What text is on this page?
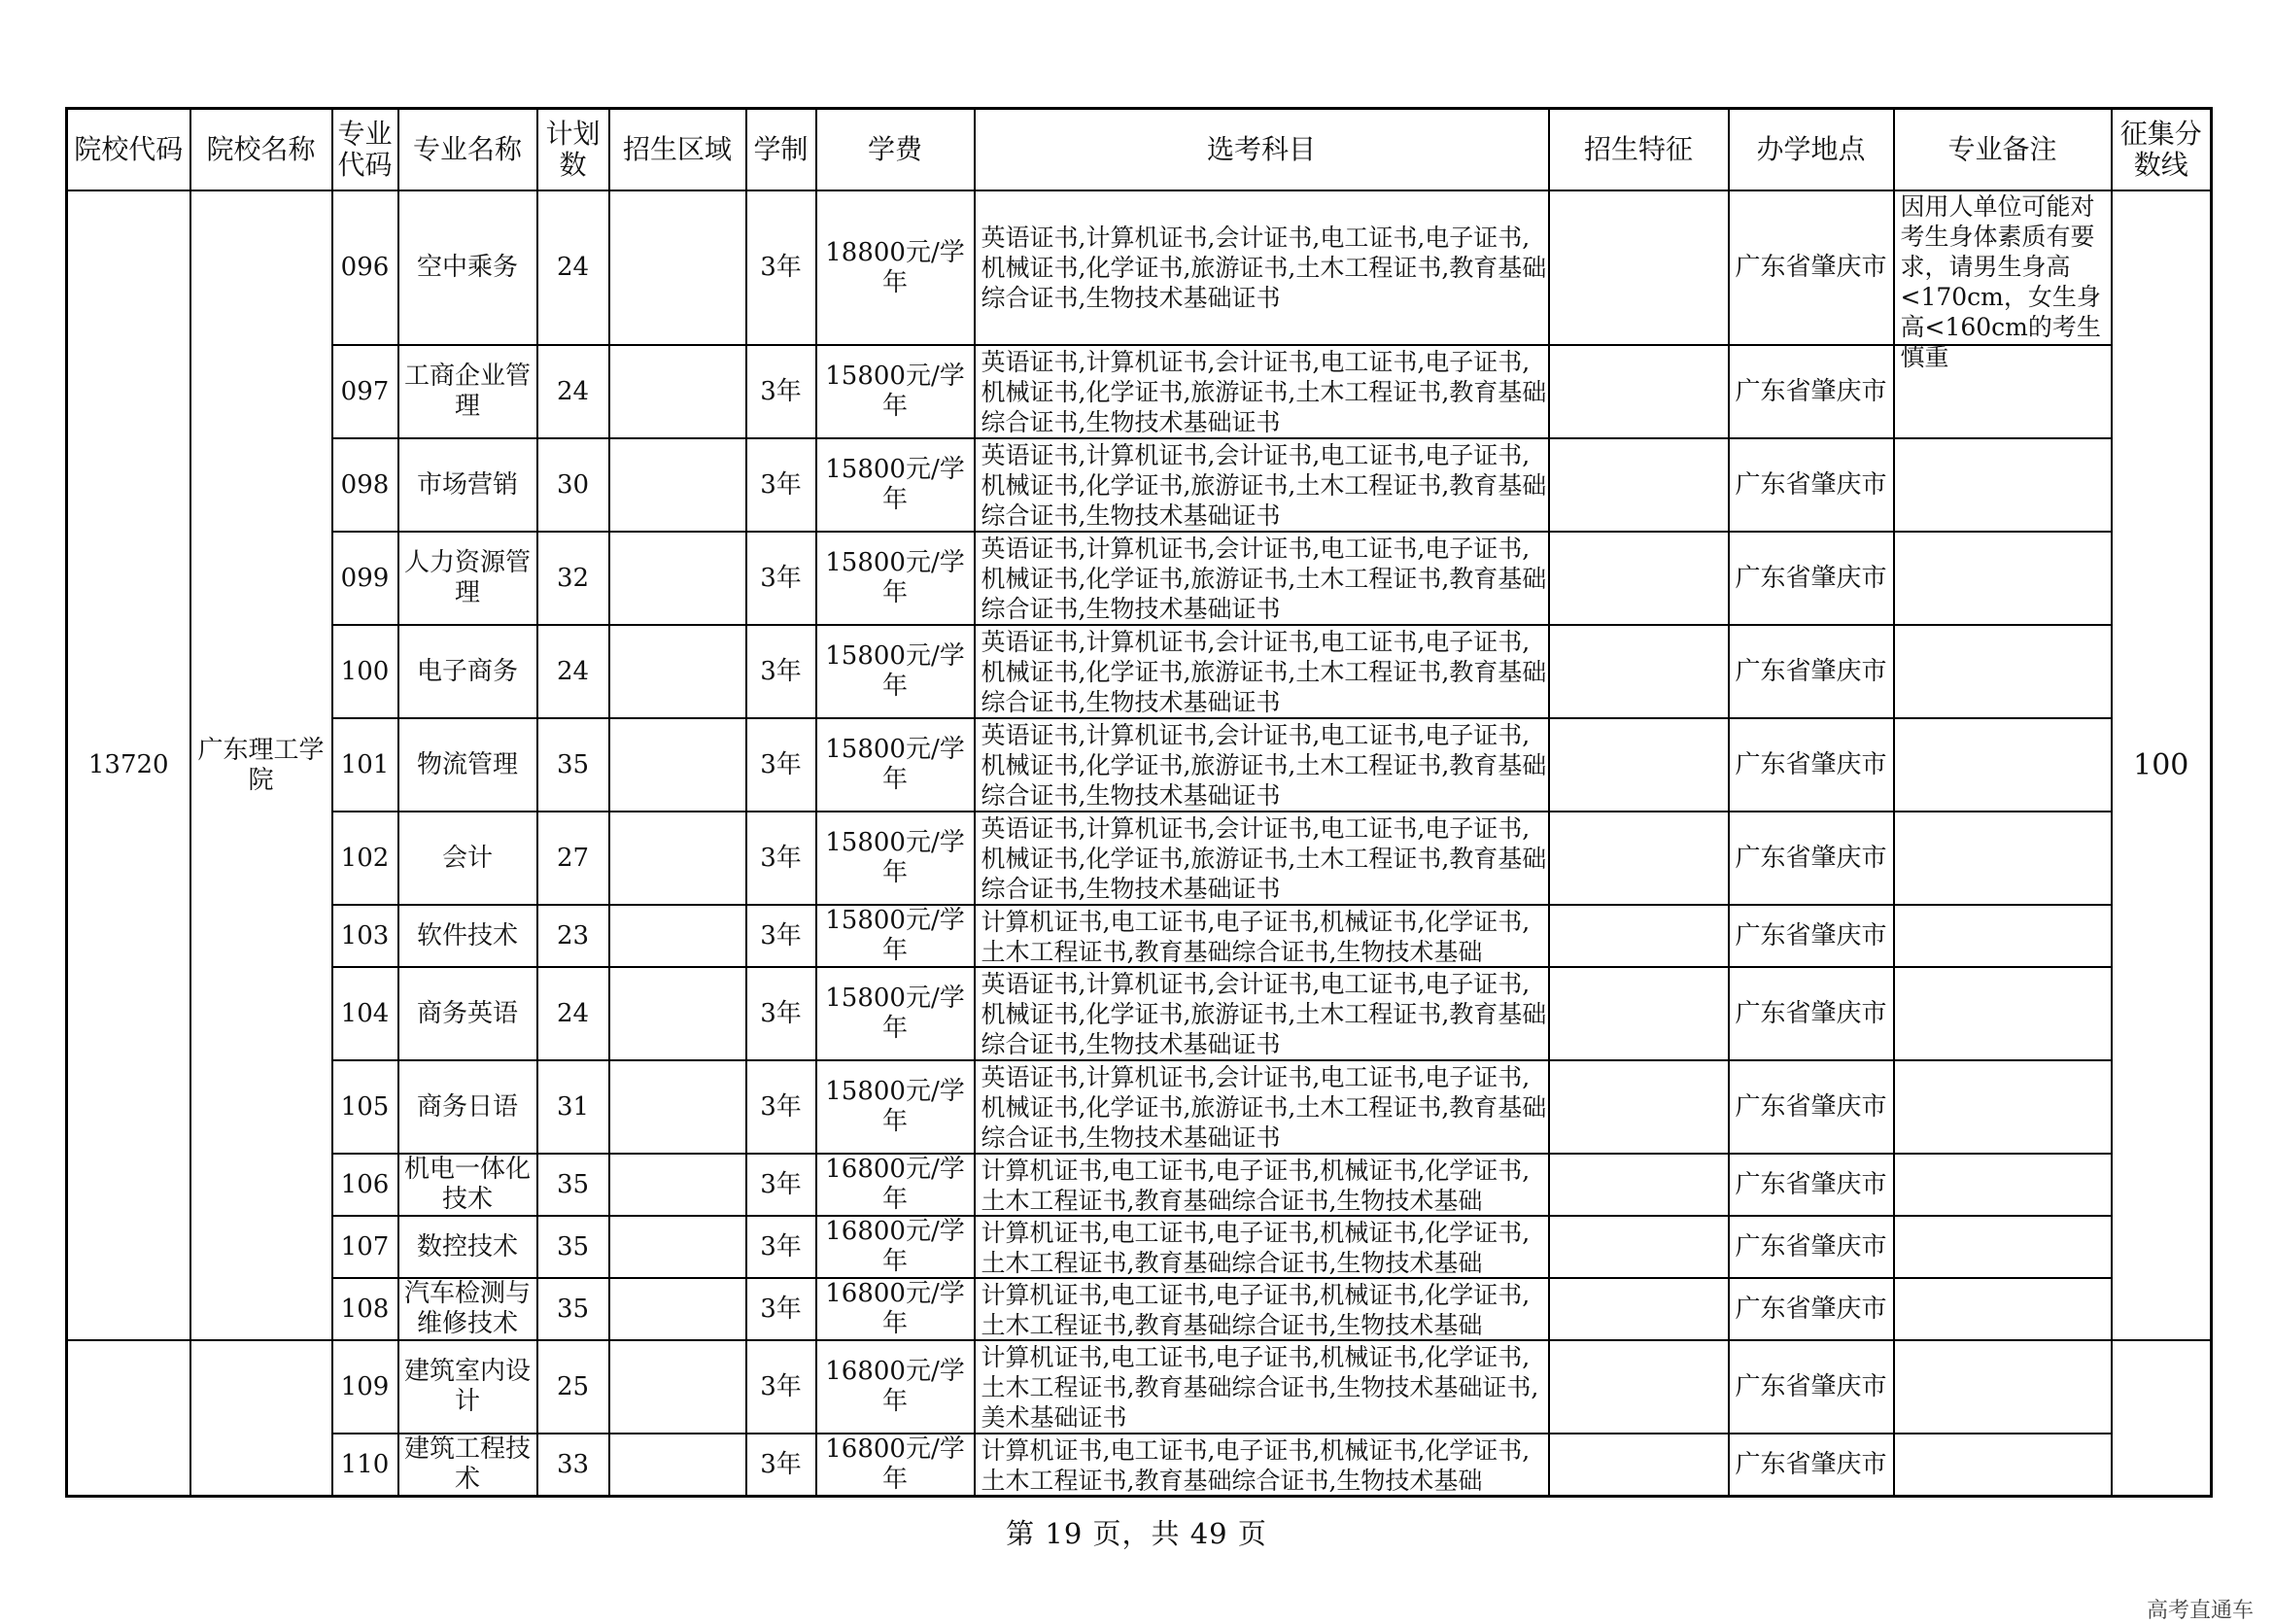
院校代码	院校名称	专业代码	专业名称	计划数	招生区域	学制	学费	选考科目	招生特征	办学地点	专业备注	征集分数线
13720	广东理工学院	096	空中乘务	24		3年	18800元/学年	英语证书,计算机证书,会计证书,电工证书,电子证书,机械证书,化学证书,旅游证书,土木工程证书,教育基础综合证书,生物技术基础证书		广东省肇庆市	因用人单位可能对考生身体素质有要求，请男生身高<170cm，女生身高<160cm的考生慎重	100
		097	工商企业管理	24		3年	15800元/学年	英语证书,计算机证书,会计证书,电工证书,电子证书,机械证书,化学证书,旅游证书,土木工程证书,教育基础综合证书,生物技术基础证书		广东省肇庆市		

		098	市场营销	30		3年	15800元/学年	英语证书,计算机证书,会计证书,电工证书,电子证书,机械证书,化学证书,旅游证书,土木工程证书,教育基础综合证书,生物技术基础证书		广东省肇庆市		

		099	人力资源管理	32		3年	15800元/学年	英语证书,计算机证书,会计证书,电工证书,电子证书,机械证书,化学证书,旅游证书,土木工程证书,教育基础综合证书,生物技术基础证书		广东省肇庆市		

		100	电子商务	24		3年	15800元/学年	英语证书,计算机证书,会计证书,电工证书,电子证书,机械证书,化学证书,旅游证书,土木工程证书,教育基础综合证书,生物技术基础证书		广东省肇庆市		

		101	物流管理	35		3年	15800元/学年	英语证书,计算机证书,会计证书,电工证书,电子证书,机械证书,化学证书,旅游证书,土木工程证书,教育基础综合证书,生物技术基础证书		广东省肇庆市		

		102	会计	27		3年	15800元/学年	英语证书,计算机证书,会计证书,电工证书,电子证书,机械证书,化学证书,旅游证书,土木工程证书,教育基础综合证书,生物技术基础证书		广东省肇庆市		

		103	软件技术	23		3年	15800元/学年	计算机证书,电工证书,电子证书,机械证书,化学证书,土木工程证书,教育基础综合证书,生物技术基础		广东省肇庆市		

		104	商务英语	24		3年	15800元/学年	英语证书,计算机证书,会计证书,电工证书,电子证书,机械证书,化学证书,旅游证书,土木工程证书,教育基础综合证书,生物技术基础证书		广东省肇庆市		

		105	商务日语	31		3年	15800元/学年	英语证书,计算机证书,会计证书,电工证书,电子证书,机械证书,化学证书,旅游证书,土木工程证书,教育基础综合证书,生物技术基础证书		广东省肇庆市		

		106	机电一体化技术	35		3年	16800元/学年	计算机证书,电工证书,电子证书,机械证书,化学证书,土木工程证书,教育基础综合证书,生物技术基础		广东省肇庆市		

		107	数控技术	35		3年	16800元/学年	计算机证书,电工证书,电子证书,机械证书,化学证书,土木工程证书,教育基础综合证书,生物技术基础		广东省肇庆市		

		108	汽车检测与维修技术	35		3年	16800元/学年	计算机证书,电工证书,电子证书,机械证书,化学证书,土木工程证书,教育基础综合证书,生物技术基础		广东省肇庆市		

		109	建筑室内设计	25		3年	16800元/学年	计算机证书,电工证书,电子证书,机械证书,化学证书,土木工程证书,教育基础综合证书,生物技术基础证书,美术基础证书		广东省肇庆市	

		110	建筑工程技术	33		3年	16800元/学年	计算机证书,电工证书,电子证书,机械证书,化学证书,土木工程证书,教育基础综合证书,生物技术基础		广东省肇庆市		
第 19 页，共 49 页
高考直通车
